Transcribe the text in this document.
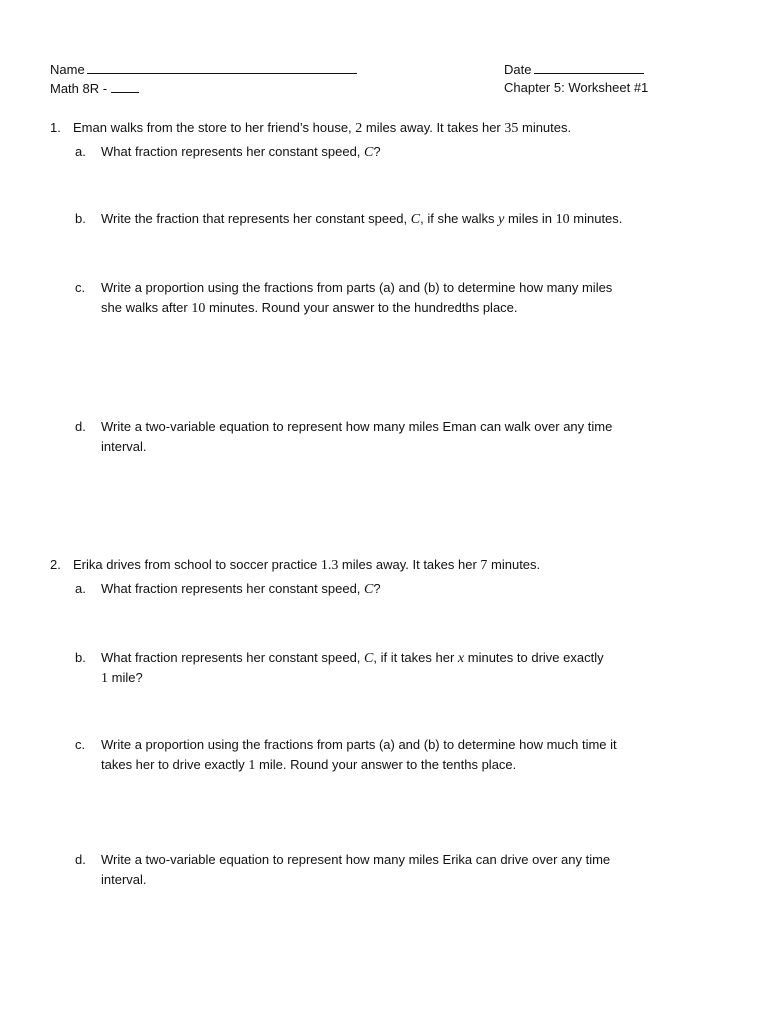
Name
Math 8R -
Date
Chapter 5: Worksheet #1
1. Eman walks from the store to her friend’s house, 2 miles away. It takes her 35 minutes.
a. What fraction represents her constant speed, C?
b. Write the fraction that represents her constant speed, C, if she walks y miles in 10 minutes.
c. Write a proportion using the fractions from parts (a) and (b) to determine how many miles
she walks after 10 minutes. Round your answer to the hundredths place.
d. Write a two-variable equation to represent how many miles Eman can walk over any time
interval.
2. Erika drives from school to soccer practice 1.3 miles away. It takes her 7 minutes.
a. What fraction represents her constant speed, C?
b. What fraction represents her constant speed, C, if it takes her x minutes to drive exactly
1 mile?
c. Write a proportion using the fractions from parts (a) and (b) to determine how much time it
takes her to drive exactly 1 mile. Round your answer to the tenths place.
d. Write a two-variable equation to represent how many miles Erika can drive over any time
interval.
